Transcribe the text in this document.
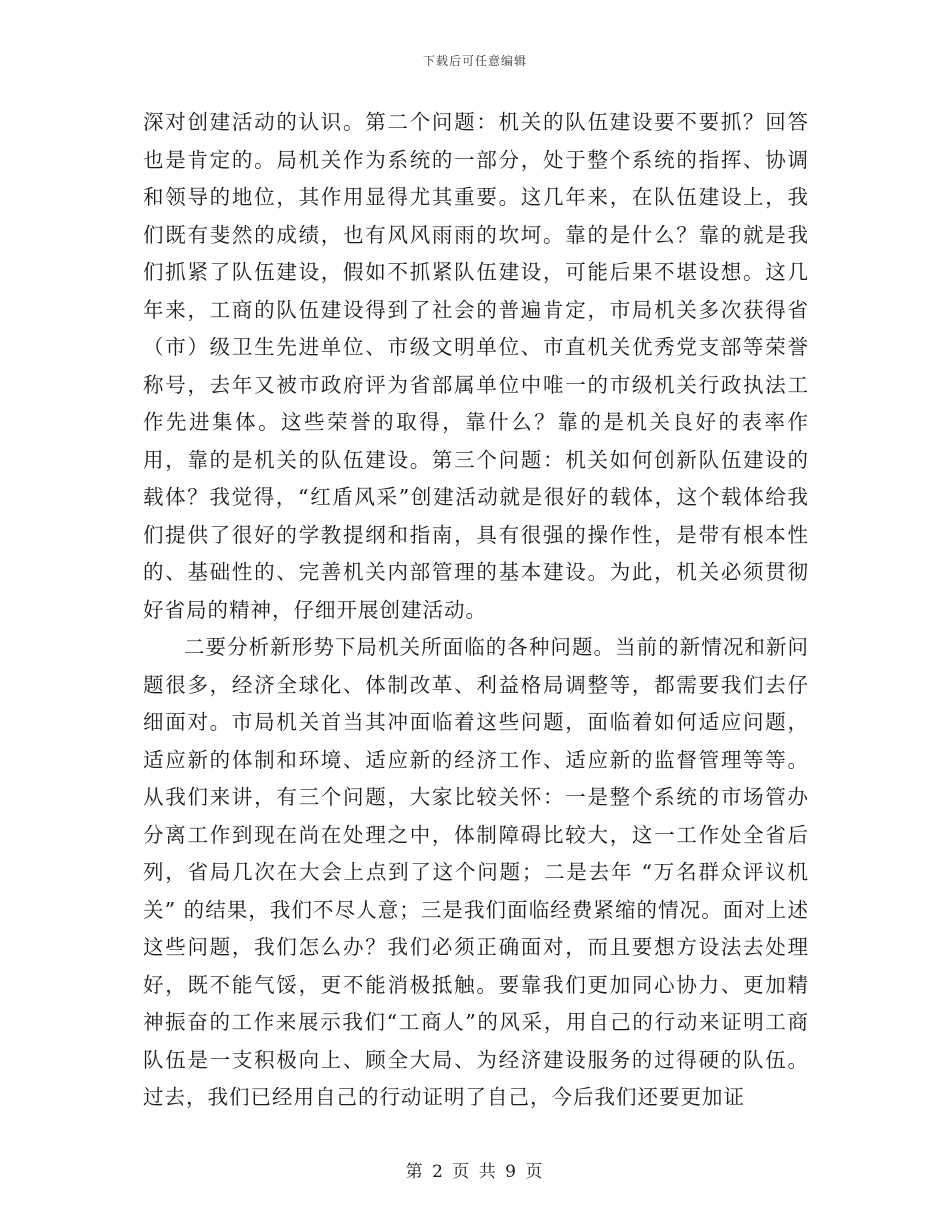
下载后可任意编辑

深对创建活动的认识。第二个问题：机关的队伍建设要不要抓？回答也是肯定的。局机关作为系统的一部分，处于整个系统的指挥、协调和领导的地位，其作用显得尤其重要。这几年来，在队伍建设上，我们既有斐然的成绩，也有风风雨雨的坎坷。靠的是什么？靠的就是我们抓紧了队伍建设，假如不抓紧队伍建设，可能后果不堪设想。这几年来，工商的队伍建设得到了社会的普遍肯定，市局机关多次获得省（市）级卫生先进单位、市级文明单位、市直机关优秀党支部等荣誉称号，去年又被市政府评为省部属单位中唯一的市级机关行政执法工作先进集体。这些荣誉的取得，靠什么？靠的是机关良好的表率作用，靠的是机关的队伍建设。第三个问题：机关如何创新队伍建设的载体？我觉得，“红盾风采”创建活动就是很好的载体，这个载体给我们提供了很好的学教提纲和指南，具有很强的操作性，是带有根本性的、基础性的、完善机关内部管理的基本建设。为此，机关必须贯彻好省局的精神，仔细开展创建活动。

二要分析新形势下局机关所面临的各种问题。当前的新情况和新问题很多，经济全球化、体制改革、利益格局调整等，都需要我们去仔细面对。市局机关首当其冲面临着这些问题，面临着如何适应问题，适应新的体制和环境、适应新的经济工作、适应新的监督管理等等。从我们来讲，有三个问题，大家比较关怀：一是整个系统的市场管办分离工作到现在尚在处理之中，体制障碍比较大，这一工作处全省后列，省局几次在大会上点到了这个问题；二是去年 “万名群众评议机关” 的结果，我们不尽人意；三是我们面临经费紧缩的情况。面对上述这些问题，我们怎么办？我们必须正确面对，而且要想方设法去处理好，既不能气馁，更不能消极抵触。要靠我们更加同心协力、更加精神振奋的工作来展示我们“工商人”的风采，用自己的行动来证明工商队伍是一支积极向上、顾全大局、为经济建设服务的过得硬的队伍。过去，我们已经用自己的行动证明了自己，今后我们还要更加证

第 2 页 共 9 页
